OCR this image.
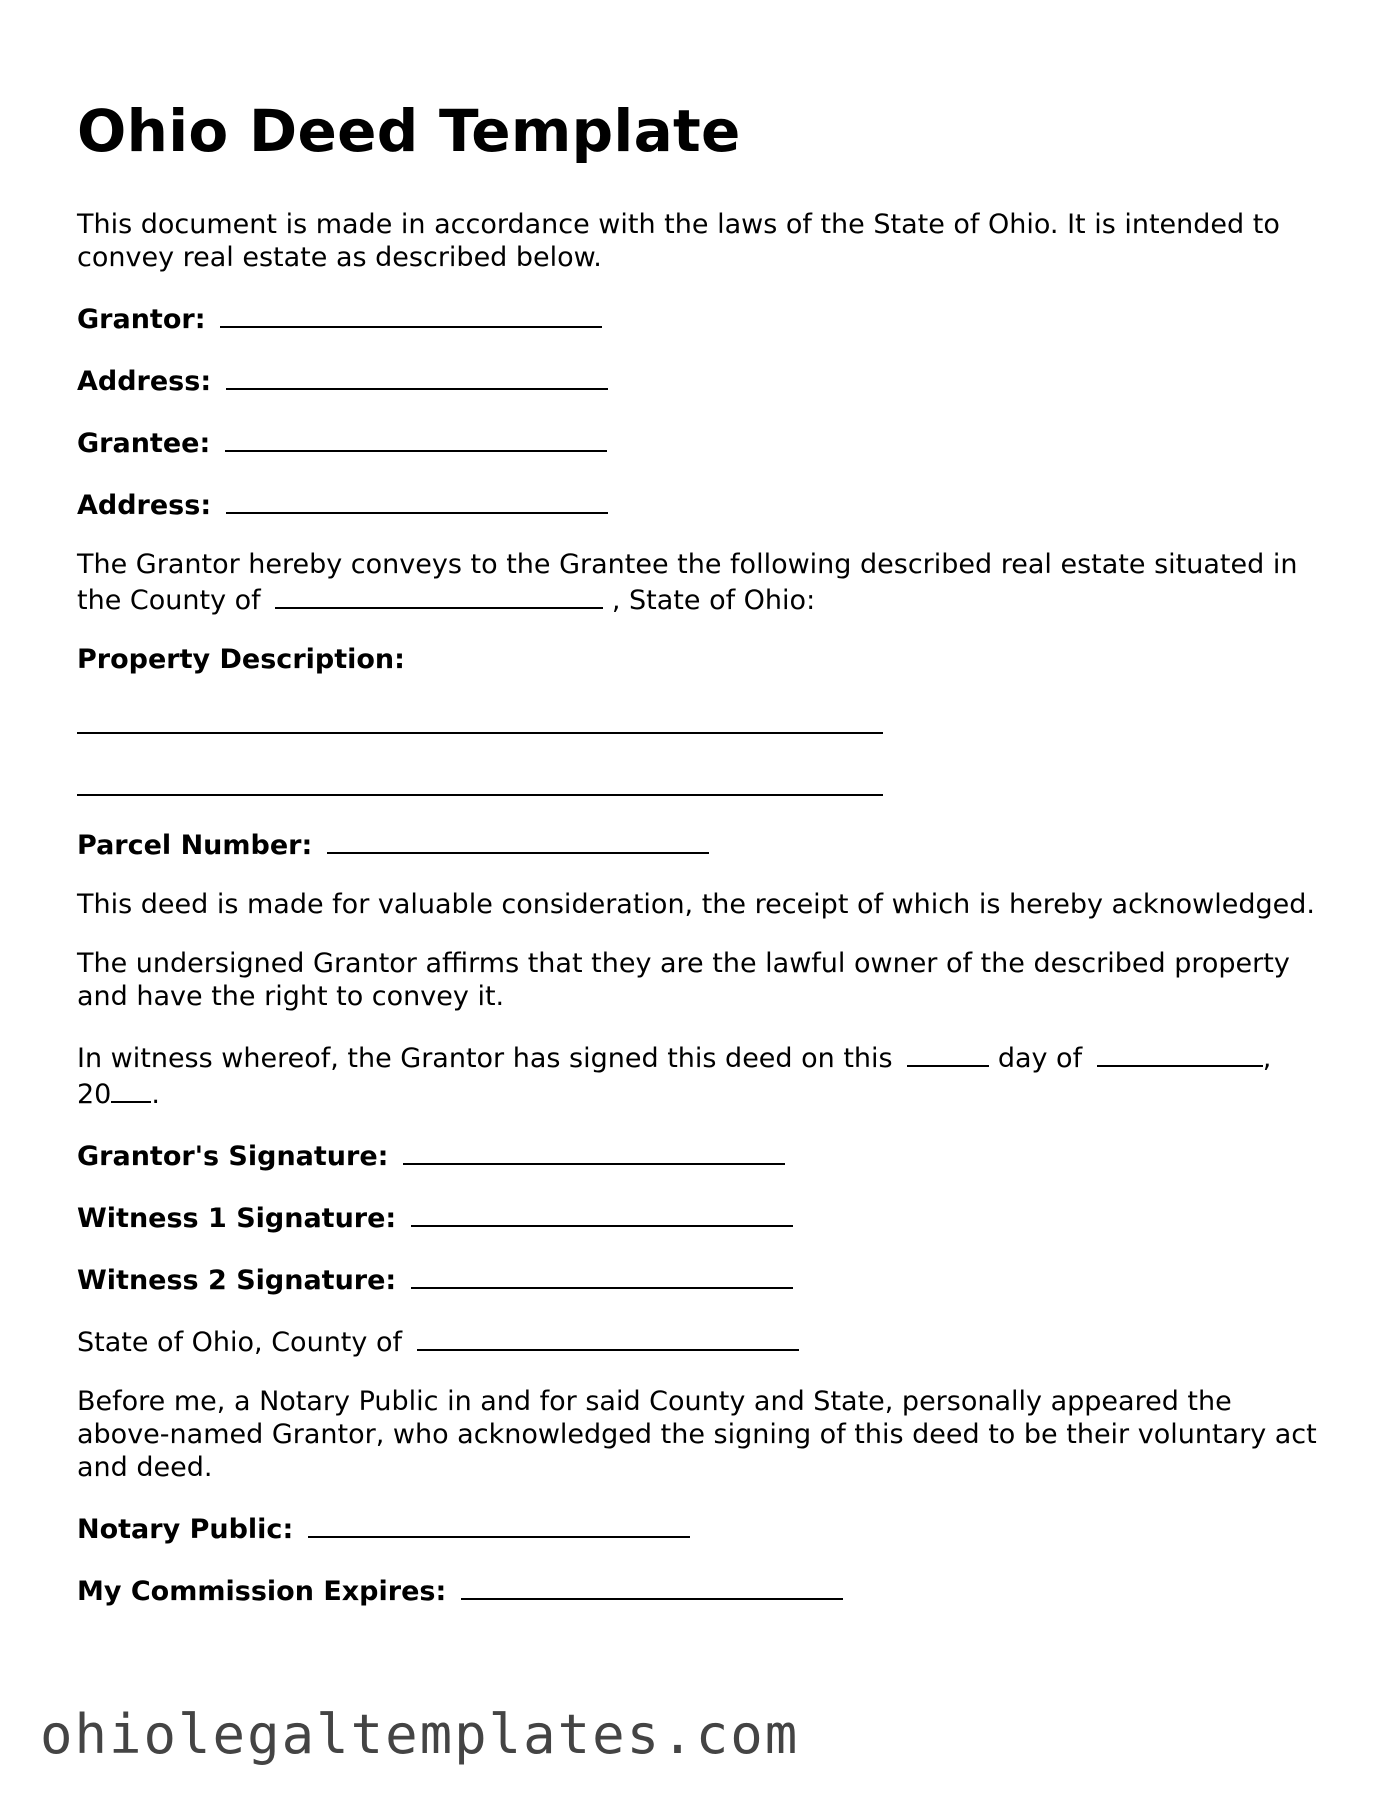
Ohio Deed Template

This document is made in accordance with the laws of the State of Ohio. It is intended to convey real estate as described below.

Grantor:
Address:
Grantee:
Address:

The Grantor hereby conveys to the Grantee the following described real estate situated in the County of	, State of Ohio:

Property Description:
Parcel Number:

This deed is made for valuable consideration, the receipt of which is hereby acknowledged.

The undersigned Grantor affirms that they are the lawful owner of the described property and have the right to convey it.

In witness whereof, the Grantor has signed this deed on this	day of	,
20 .

Grantor's Signature:
Witness 1 Signature:
Witness 2 Signature:
State of Ohio, County of

Before me, a Notary Public in and for said County and State, personally appeared the above-named Grantor, who acknowledged the signing of this deed to be their voluntary act and deed.

Notary Public:
My Commission Expires:
ohiolegaltemplates.com
